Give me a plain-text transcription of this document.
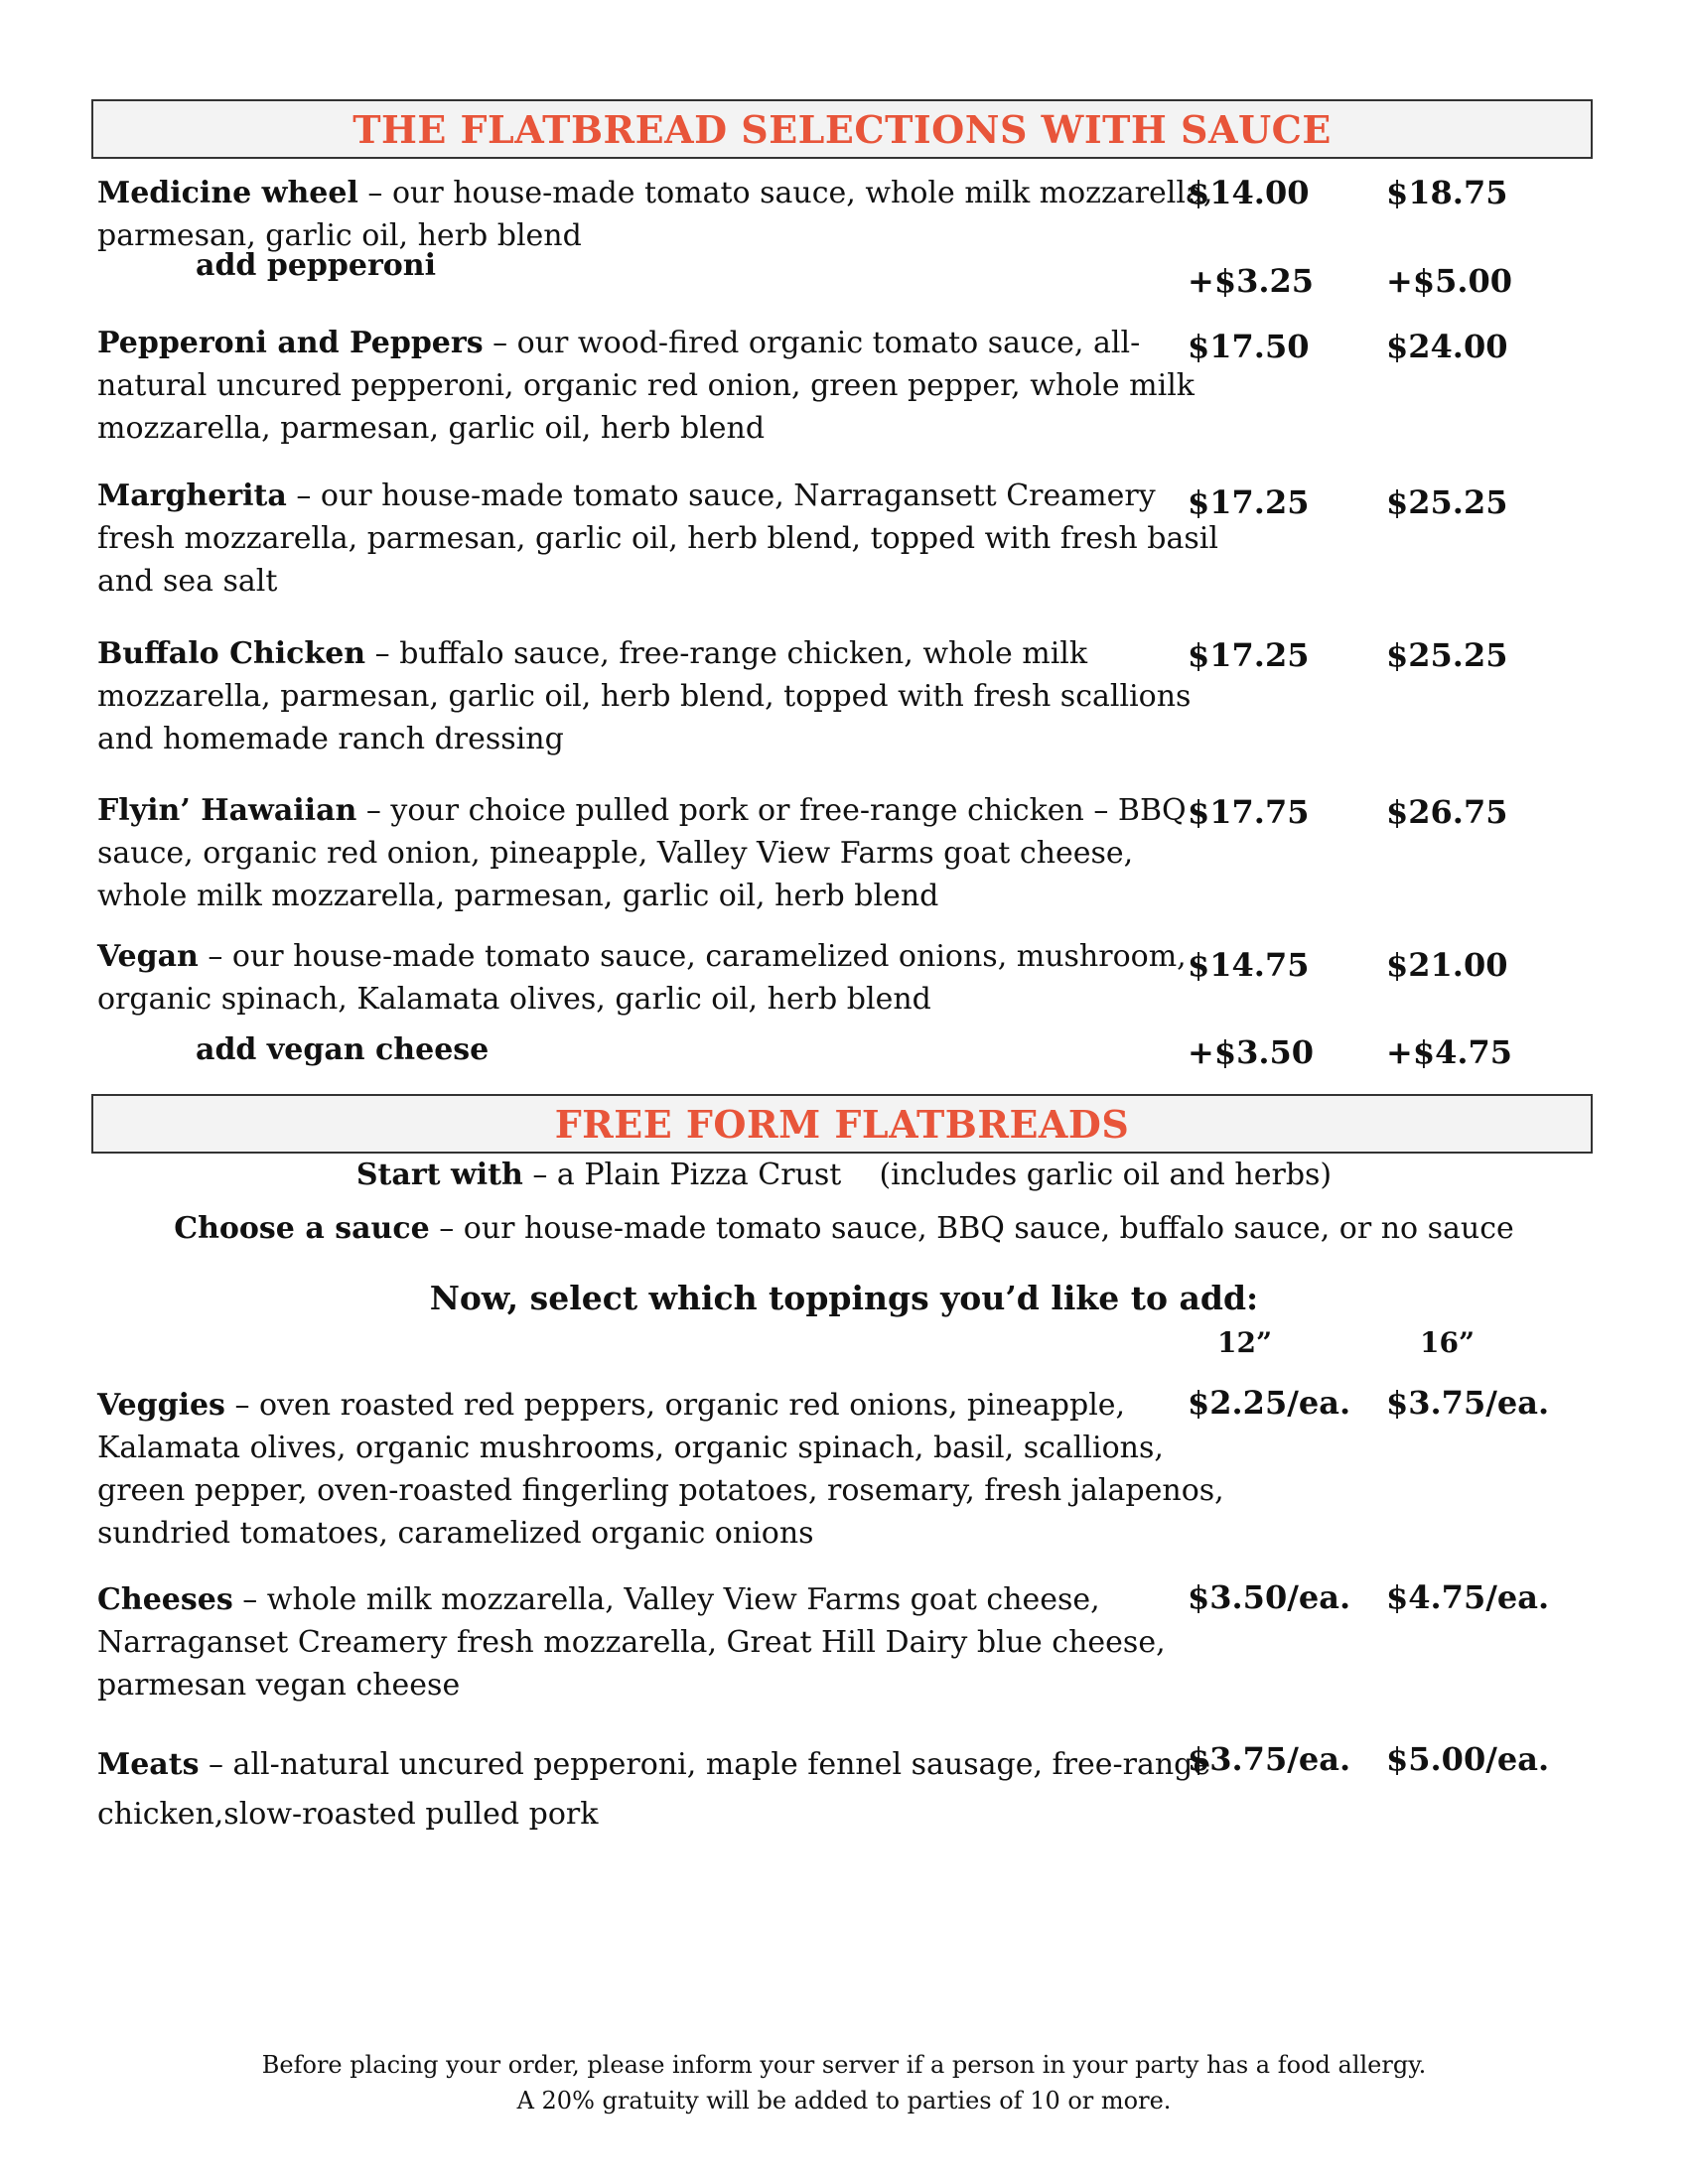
THE FLATBREAD SELECTIONS WITH SAUCE
Medicine wheel – our house-made tomato sauce, whole milk mozzarella, parmesan, garlic oil, herb blend
$14.00 $18.75
add pepperoni	+$3.25 +$5.00
Pepperoni and Peppers – our wood-fired organic tomato sauce, all-natural uncured pepperoni, organic red onion, green pepper, whole milk mozzarella, parmesan, garlic oil, herb blend
$17.50 $24.00
Margherita – our house-made tomato sauce, Narragansett Creamery fresh mozzarella, parmesan, garlic oil, herb blend, topped with fresh basil and sea salt
$17.25 $25.25
Buffalo Chicken – buffalo sauce, free-range chicken, whole milk mozzarella, parmesan, garlic oil, herb blend, topped with fresh scallions and homemade ranch dressing
$17.25 $25.25
Flyin’ Hawaiian – your choice pulled pork or free-range chicken – BBQ sauce, organic red onion, pineapple, Valley View Farms goat cheese, whole milk mozzarella, parmesan, garlic oil, herb blend
$17.75 $26.75
Vegan – our house-made tomato sauce, caramelized onions, mushroom, organic spinach, Kalamata olives, garlic oil, herb blend
$14.75 $21.00
add vegan cheese	+$3.50 +$4.75
FREE FORM FLATBREADS
Start with – a Plain Pizza Crust    (includes garlic oil and herbs)
Choose a sauce – our house-made tomato sauce, BBQ sauce, buffalo sauce, or no sauce
Now, select which toppings you’d like to add:
12”	16”
Veggies – oven roasted red peppers, organic red onions, pineapple, Kalamata olives, organic mushrooms, organic spinach, basil, scallions, green pepper, oven-roasted fingerling potatoes, rosemary, fresh jalapenos, sundried tomatoes, caramelized organic onions
$2.25/ea. $3.75/ea.
Cheeses – whole milk mozzarella, Valley View Farms goat cheese, Narraganset Creamery fresh mozzarella, Great Hill Dairy blue cheese, parmesan vegan cheese
$3.50/ea. $4.75/ea.
Meats – all-natural uncured pepperoni, maple fennel sausage, free-range chicken,slow-roasted pulled pork
$3.75/ea. $5.00/ea.
Before placing your order, please inform your server if a person in your party has a food allergy.
A 20% gratuity will be added to parties of 10 or more.
